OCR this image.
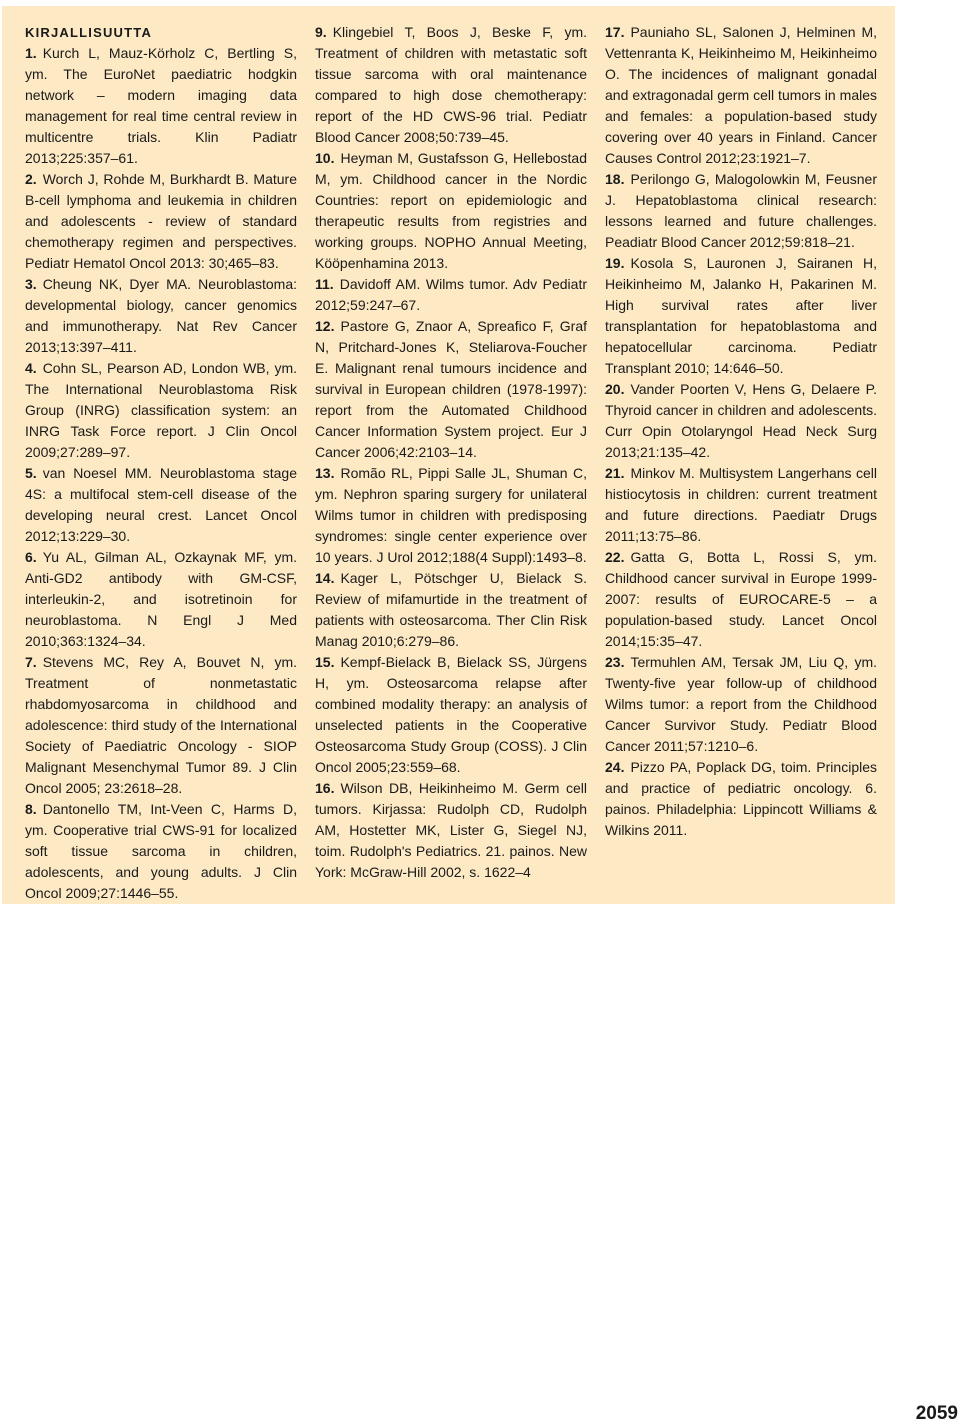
KIRJALLISUUTTA

1. Kurch L, Mauz-Körholz C, Bertling S, ym. The EuroNet paediatric hodgkin network – modern imaging data management for real time central review in multicentre trials. Klin Padiatr 2013;225:357–61.

2. Worch J, Rohde M, Burkhardt B. Mature B-cell lymphoma and leukemia in children and adolescents - review of standard chemotherapy regimen and perspectives. Pediatr Hematol Oncol 2013: 30;465–83.

3. Cheung NK, Dyer MA. Neuroblastoma: developmental biology, cancer genomics and immunotherapy. Nat Rev Cancer 2013;13:397–411.

4. Cohn SL, Pearson AD, London WB, ym. The International Neuroblastoma Risk Group (INRG) classification system: an INRG Task Force report. J Clin Oncol 2009;27:289–97.

5. van Noesel MM. Neuroblastoma stage 4S: a multifocal stem-cell disease of the developing neural crest. Lancet Oncol 2012;13:229–30.

6. Yu AL, Gilman AL, Ozkaynak MF, ym. Anti-GD2 antibody with GM-CSF, interleukin-2, and isotretinoin for neuroblastoma. N Engl J Med 2010;363:1324–34.

7. Stevens MC, Rey A, Bouvet N, ym. Treatment of nonmetastatic rhabdomyosarcoma in childhood and adolescence: third study of the International Society of Paediatric Oncology - SIOP Malignant Mesenchymal Tumor 89. J Clin Oncol 2005; 23:2618–28.

8. Dantonello TM, Int-Veen C, Harms D, ym. Cooperative trial CWS-91 for localized soft tissue sarcoma in children, adolescents, and young adults. J Clin Oncol 2009;27:1446–55.

9. Klingebiel T, Boos J, Beske F, ym. Treatment of children with metastatic soft tissue sarcoma with oral maintenance compared to high dose chemotherapy: report of the HD CWS-96 trial. Pediatr Blood Cancer 2008;50:739–45.

10. Heyman M, Gustafsson G, Hellebostad M, ym. Childhood cancer in the Nordic Countries: report on epidemiologic and therapeutic results from registries and working groups. NOPHO Annual Meeting, Kööpenhamina 2013.

11. Davidoff AM. Wilms tumor. Adv Pediatr 2012;59:247–67.

12. Pastore G, Znaor A, Spreafico F, Graf N, Pritchard-Jones K, Steliarova-Foucher E. Malignant renal tumours incidence and survival in European children (1978-1997): report from the Automated Childhood Cancer Information System project. Eur J Cancer 2006;42:2103–14.

13. Romão RL, Pippi Salle JL, Shuman C, ym. Nephron sparing surgery for unilateral Wilms tumor in children with predisposing syndromes: single center experience over 10 years. J Urol 2012;188(4 Suppl):1493–8.

14. Kager L, Pötschger U, Bielack S. Review of mifamurtide in the treatment of patients with osteosarcoma. Ther Clin Risk Manag 2010;6:279–86.

15. Kempf-Bielack B, Bielack SS, Jürgens H, ym. Osteosarcoma relapse after combined modality therapy: an analysis of unselected patients in the Cooperative Osteosarcoma Study Group (COSS). J Clin Oncol 2005;23:559–68.

16. Wilson DB, Heikinheimo M. Germ cell tumors. Kirjassa: Rudolph CD, Rudolph AM, Hostetter MK, Lister G, Siegel NJ, toim. Rudolph's Pediatrics. 21. painos. New York: McGraw-Hill 2002, s. 1622–4

17. Pauniaho SL, Salonen J, Helminen M, Vettenranta K, Heikinheimo M, Heikinheimo O. The incidences of malignant gonadal and extragonadal germ cell tumors in males and females: a population-based study covering over 40 years in Finland. Cancer Causes Control 2012;23:1921–7.

18. Perilongo G, Malogolowkin M, Feusner J. Hepatoblastoma clinical research: lessons learned and future challenges. Peadiatr Blood Cancer 2012;59:818–21.

19. Kosola S, Lauronen J, Sairanen H, Heikinheimo M, Jalanko H, Pakarinen M. High survival rates after liver transplantation for hepatoblastoma and hepatocellular carcinoma. Pediatr Transplant 2010; 14:646–50.

20. Vander Poorten V, Hens G, Delaere P. Thyroid cancer in children and adolescents. Curr Opin Otolaryngol Head Neck Surg 2013;21:135–42.

21. Minkov M. Multisystem Langerhans cell histiocytosis in children: current treatment and future directions. Paediatr Drugs 2011;13:75–86.

22. Gatta G, Botta L, Rossi S, ym. Childhood cancer survival in Europe 1999-2007: results of EUROCARE-5 – a population-based study. Lancet Oncol 2014;15:35–47.

23. Termuhlen AM, Tersak JM, Liu Q, ym. Twenty-five year follow-up of childhood Wilms tumor: a report from the Childhood Cancer Survivor Study. Pediatr Blood Cancer 2011;57:1210–6.

24. Pizzo PA, Poplack DG, toim. Principles and practice of pediatric oncology. 6. painos. Philadelphia: Lippincott Williams & Wilkins 2011.

2059
